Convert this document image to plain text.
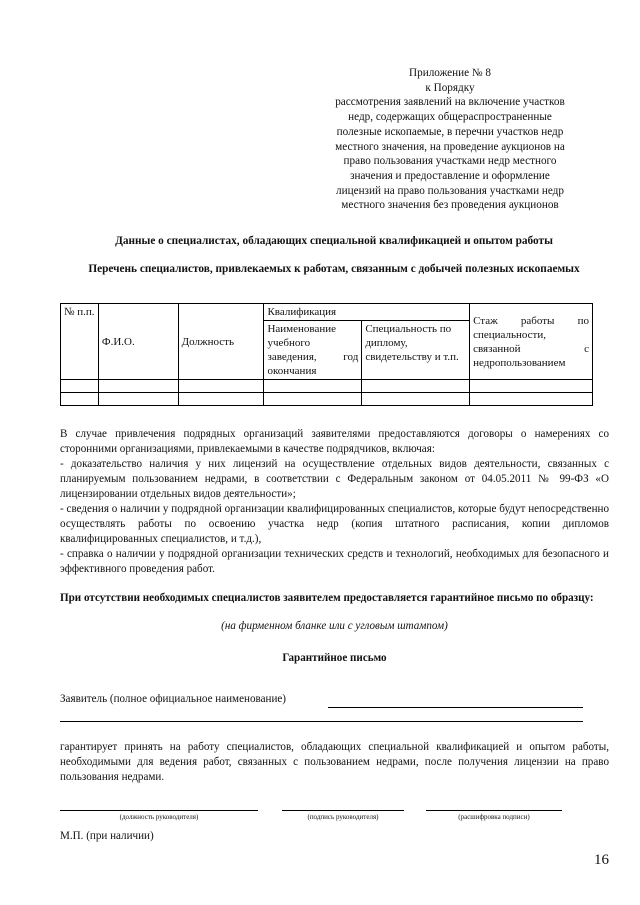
Приложение № 8
к Порядку
рассмотрения заявлений на включение участков
недр, содержащих общераспространенные
полезные ископаемые, в перечни участков недр
местного значения, на проведение аукционов на
право пользования участками недр местного
значения и предоставление и оформление
лицензий на право пользования участками недр
местного значения без проведения аукционов
Данные о специалистах, обладающих специальной квалификацией и опытом работы
Перечень специалистов, привлекаемых к работам, связанным с добычей полезных ископаемых
№ п.п.	Ф.И.О.	Должность	Квалификация		Стаж работы по специальности, связанной с недропользованием
			Наименование учебного заведения, год окончания	Специальность по диплому, свидетельству и т.п.	

В случае привлечения подрядных организаций заявителями предоставляются договоры о намерениях со сторонними организациями, привлекаемыми в качестве подрядчиков, включая:
- доказательство наличия у них лицензий на осуществление отдельных видов деятельности, связанных с планируемым пользованием недрами, в соответствии с Федеральным законом от 04.05.2011 № 99-ФЗ «О лицензировании отдельных видов деятельности»;
- сведения о наличии у подрядной организации квалифицированных специалистов, которые будут непосредственно осуществлять работы по освоению участка недр (копия штатного расписания, копии дипломов квалифицированных специалистов, и т.д.),
- справка о наличии у подрядной организации технических средств и технологий, необходимых для безопасного и эффективного проведения работ.
При отсутствии необходимых специалистов заявителем предоставляется гарантийное письмо по образцу:
(на фирменном бланке или с угловым штампом)
Гарантийное письмо
Заявитель (полное официальное наименование)
гарантирует принять на работу специалистов, обладающих специальной квалификацией и опытом работы, необходимыми для ведения работ, связанных с пользованием недрами, после получения лицензии на право пользования недрами.
(должность руководителя)	(подпись руководителя)	(расшифровка подписи)
М.П. (при наличии)
16
